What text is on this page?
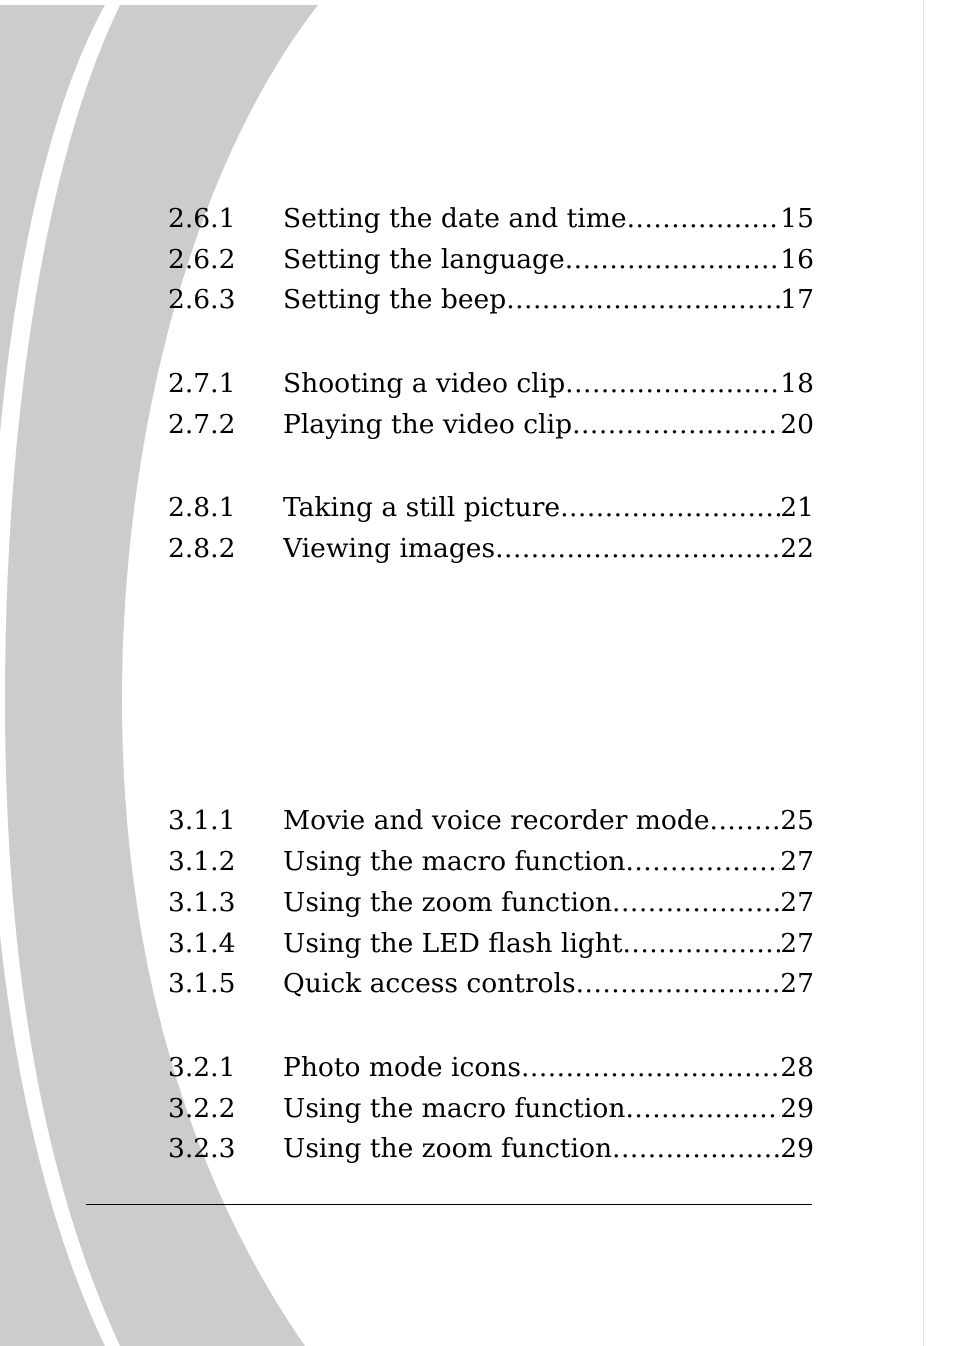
2.6.1 Setting the date and time .....	15
2.6.2 Setting the language .....	16
2.6.3 Setting the beep .....	17
2.7.1 Shooting a video clip .....	18
2.7.2 Playing the video clip .....	20
2.8.1 Taking a still picture .....	21
2.8.2 Viewing images .....	22
3.1.1 Movie and voice recorder mode .....	25
3.1.2 Using the macro function .....	27
3.1.3 Using the zoom function .....	27
3.1.4 Using the LED flash light .....	27
3.1.5 Quick access controls .....	27
3.2.1 Photo mode icons .....	28
3.2.2 Using the macro function .....	29
3.2.3 Using the zoom function .....	29
